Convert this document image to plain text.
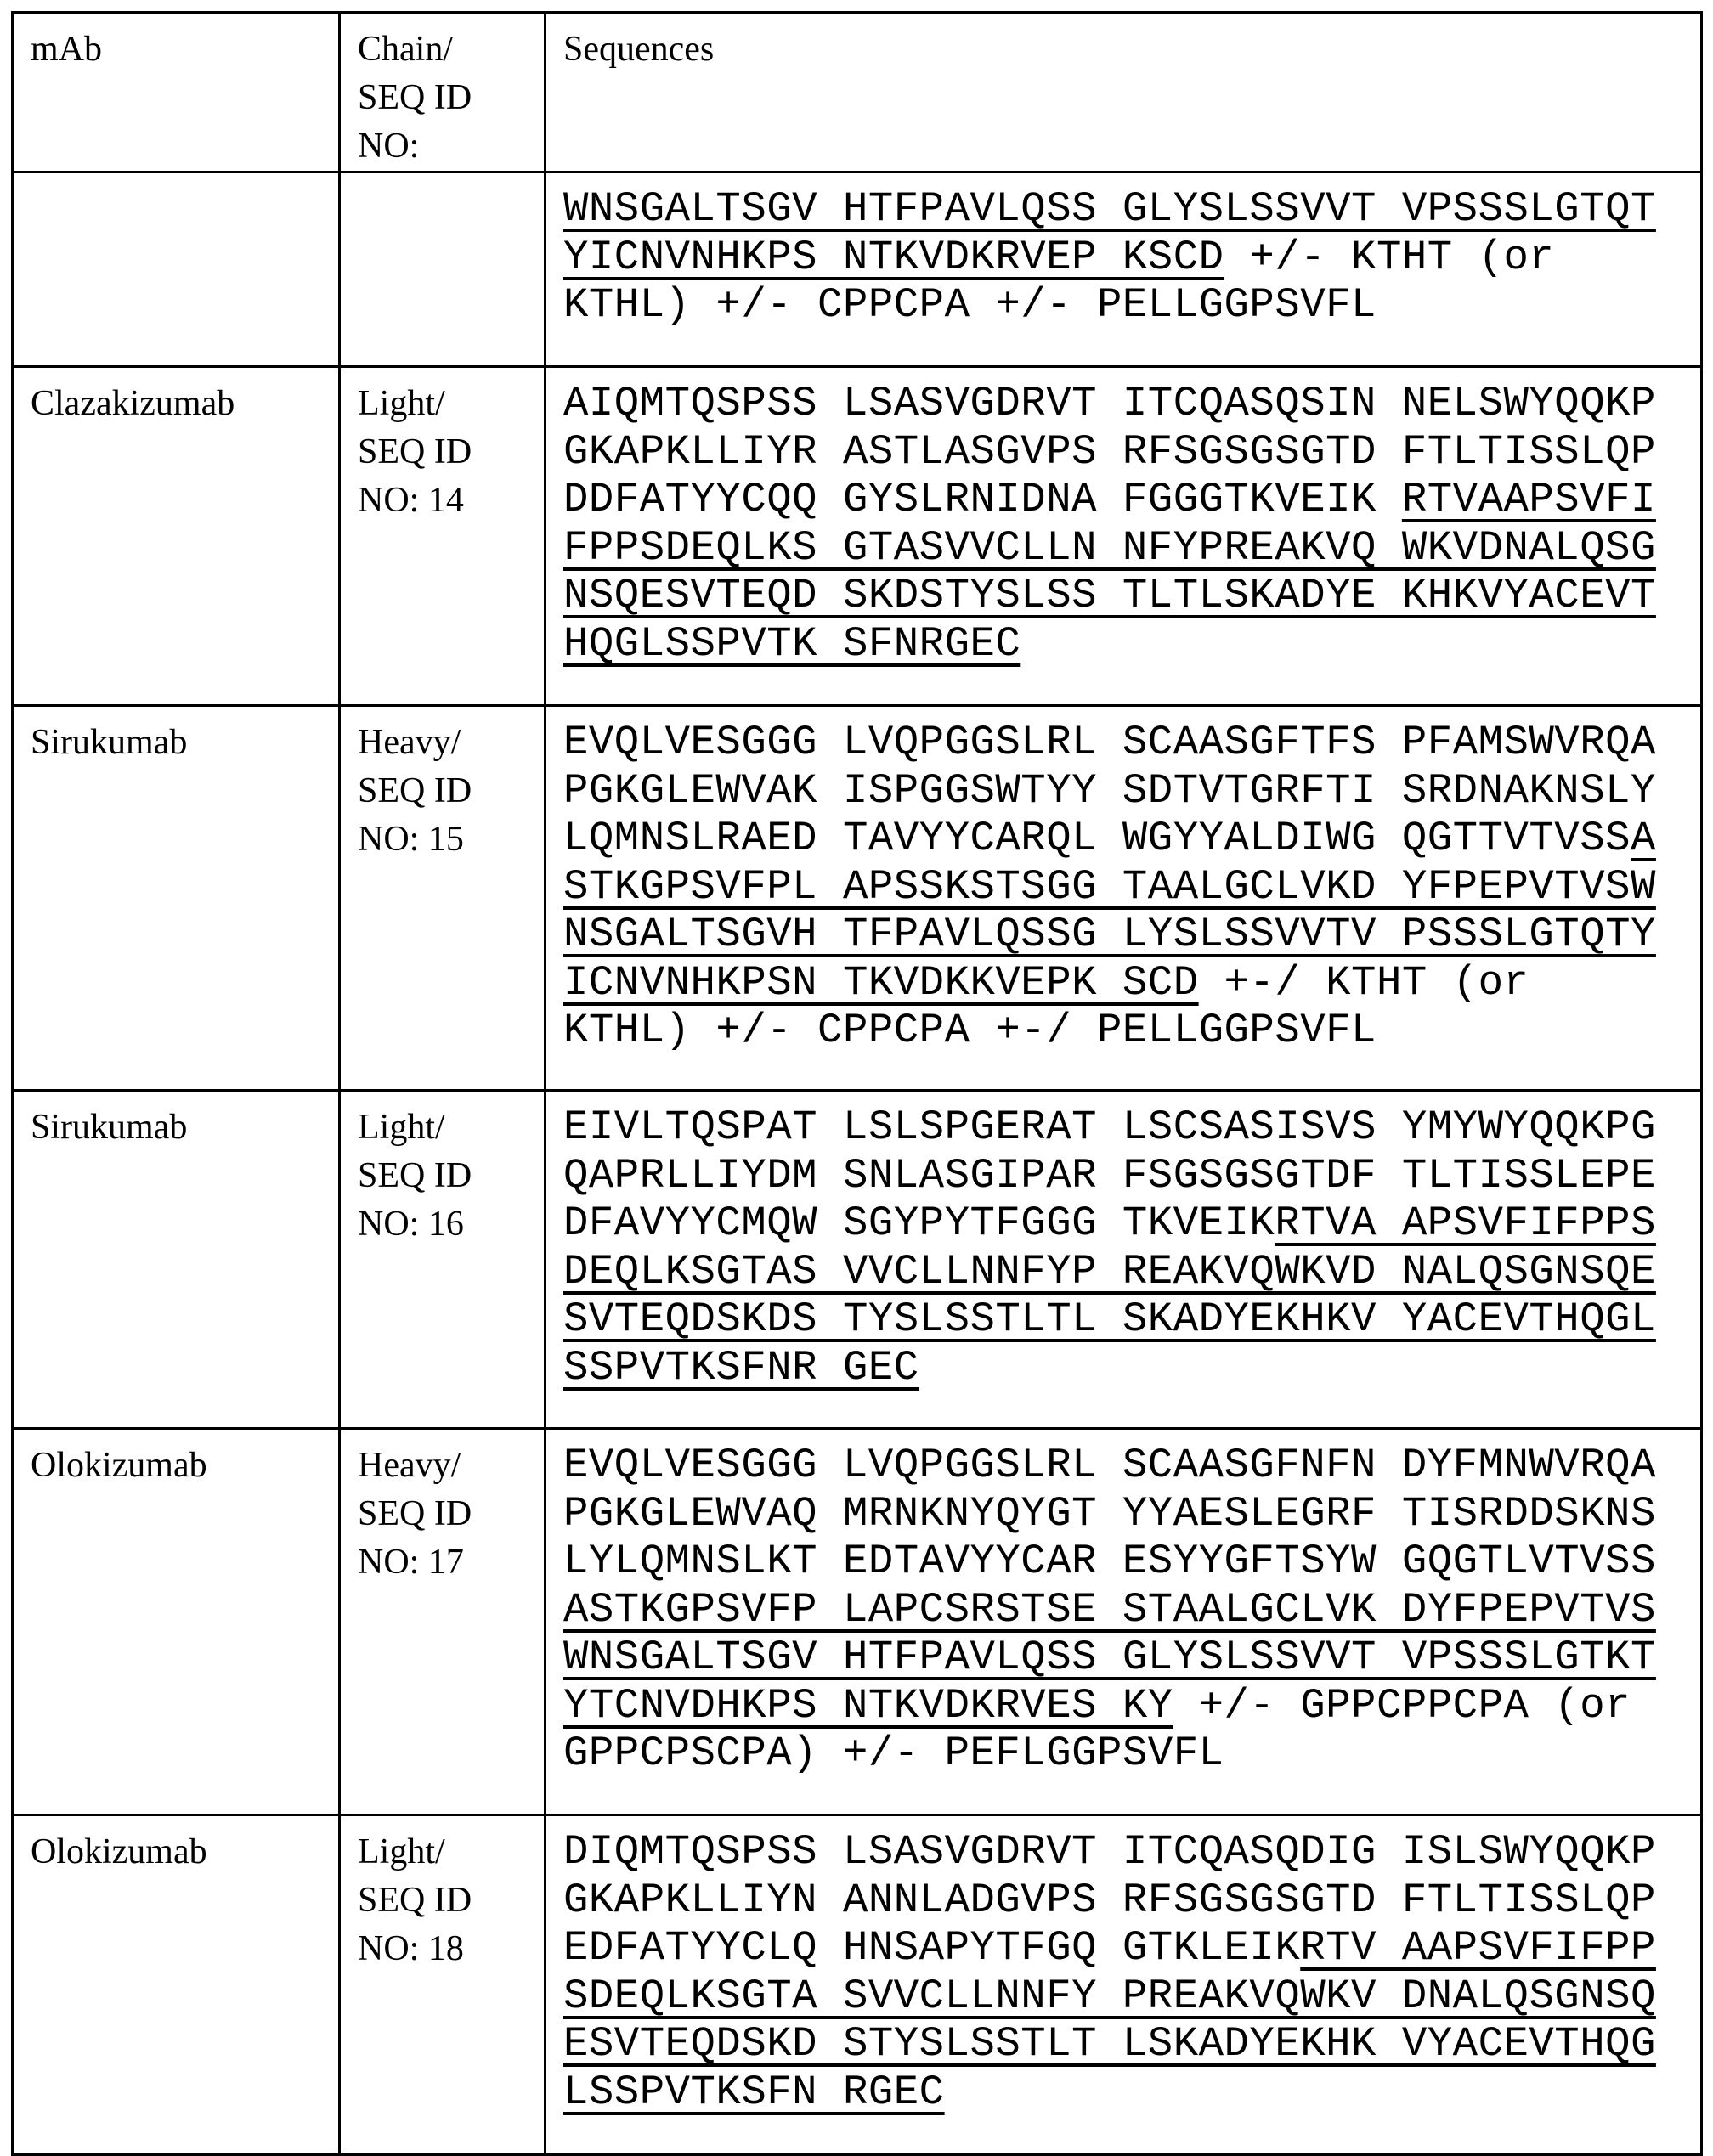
mAb	Chain/
SEQ ID
NO:

Sequences

WNSGALTSGV HTFPAVLQSS GLYSLSSVVT VPSSSLGTQT
YICNVNHKPS NTKVDKRVEP KSCD +/- KTHT (or
KTHL) +/- CPPCPA +/- PELLGGPSVFL

Clazakizumab	Light/
SEQ ID
NO: 14

AIQMTQSPSS LSASVGDRVT ITCQASQSIN NELSWYQQKP
GKAPKLLIYR ASTLASGVPS RFSGSGSGTD FTLTISSLQP
DDFATYYCQQ GYSLRNIDNA FGGGTKVEIK RTVAAPSVFI
FPPSDEQLKS GTASVVCLLN NFYPREAKVQ WKVDNALQSG
NSQESVTEQD SKDSTYSLSS TLTLSKADYE KHKVYACEVT
HQGLSSPVTK SFNRGEC

Sirukumab	Heavy/
SEQ ID
NO: 15

EVQLVESGGG LVQPGGSLRL SCAASGFTFS PFAMSWVRQA
PGKGLEWVAK ISPGGSWTYY SDTVTGRFTI SRDNAKNSLY
LQMNSLRAED TAVYYCARQL WGYYALDIWG QGTTVTVSSA
STKGPSVFPL APSSKSTSGG TAALGCLVKD YFPEPVTVSW
NSGALTSGVH TFPAVLQSSG LYSLSSVVTV PSSSLGTQTY
ICNVNHKPSN TKVDKKVEPK SCD +-/ KTHT (or
KTHL) +/- CPPCPA +-/ PELLGGPSVFL

Sirukumab	Light/
SEQ ID
NO: 16

EIVLTQSPAT LSLSPGERAT LSCSASISVS YMYWYQQKPG
QAPRLLIYDM SNLASGIPAR FSGSGSGTDF TLTISSLEPE
DFAVYYCMQW SGYPYTFGGG TKVEIKRTVA APSVFIFPPS
DEQLKSGTAS VVCLLNNFYP REAKVQWKVD NALQSGNSQE
SVTEQDSKDS TYSLSSTLTL SKADYEKHKV YACEVTHQGL
SSPVTKSFNR GEC

Olokizumab	Heavy/
SEQ ID
NO: 17

EVQLVESGGG LVQPGGSLRL SCAASGFNFN DYFMNWVRQA
PGKGLEWVAQ MRNKNYQYGT YYAESLEGRF TISRDDSKNS
LYLQMNSLKT EDTAVYYCAR ESYYGFTSYW GQGTLVTVSS
ASTKGPSVFP LAPCSRSTSE STAALGCLVK DYFPEPVTVS
WNSGALTSGV HTFPAVLQSS GLYSLSSVVT VPSSSLGTKT
YTCNVDHKPS NTKVDKRVES KY +/- GPPCPPCPA (or
GPPCPSCPA) +/- PEFLGGPSVFL

Olokizumab	Light/
SEQ ID
NO: 18

DIQMTQSPSS LSASVGDRVT ITCQASQDIG ISLSWYQQKP
GKAPKLLIYN ANNLADGVPS RFSGSGSGTD FTLTISSLQP
EDFATYYCLQ HNSAPYTFGQ GTKLEIKRTV AAPSVFIFPP
SDEQLKSGTA SVVCLLNNFY PREAKVQWKV DNALQSGNSQ
ESVTEQDSKD STYSLSSTLT LSKADYEKHK VYACEVTHQG
LSSPVTKSFN RGEC
